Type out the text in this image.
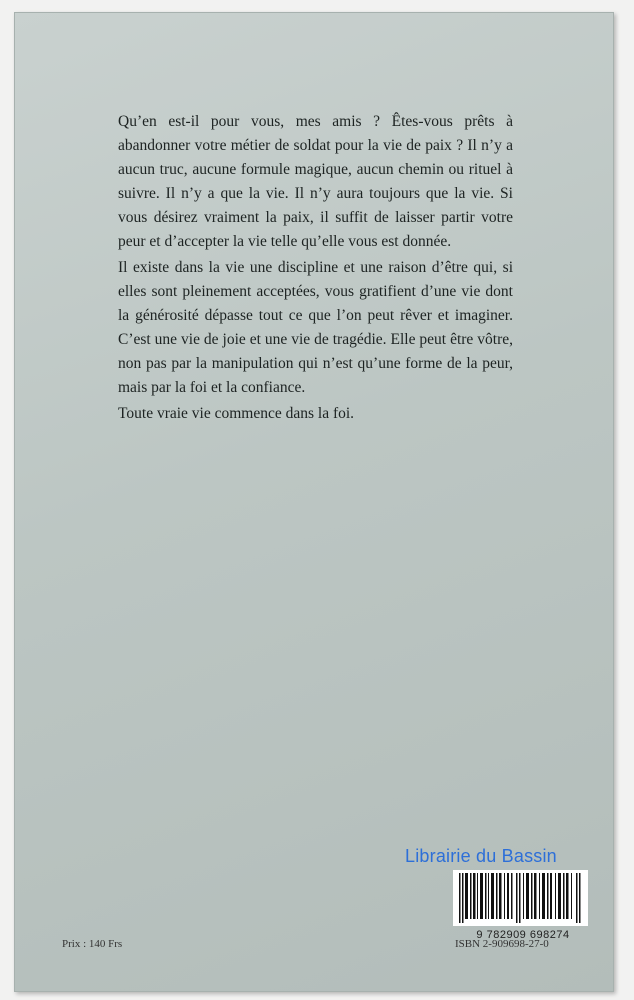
Qu’en est-il pour vous, mes amis ? Êtes-vous prêts à abandonner votre métier de soldat pour la vie de paix ? Il n’y a aucun truc, aucune formule magique, aucun chemin ou rituel à suivre. Il n’y a que la vie. Il n’y aura toujours que la vie. Si vous désirez vraiment la paix, il suffit de laisser partir votre peur et d’accepter la vie telle qu’elle vous est donnée.

Il existe dans la vie une discipline et une raison d’être qui, si elles sont pleinement acceptées, vous gratifient d’une vie dont la générosité dépasse tout ce que l’on peut rêver et imaginer. C’est une vie de joie et une vie de tragédie. Elle peut être vôtre, non pas par la manipulation qui n’est qu’une forme de la peur, mais par la foi et la confiance.

Toute vraie vie commence dans la foi.

Librairie du Bassin
9 782909 698274
Prix : 140 Frs	ISBN 2-909698-27-0
